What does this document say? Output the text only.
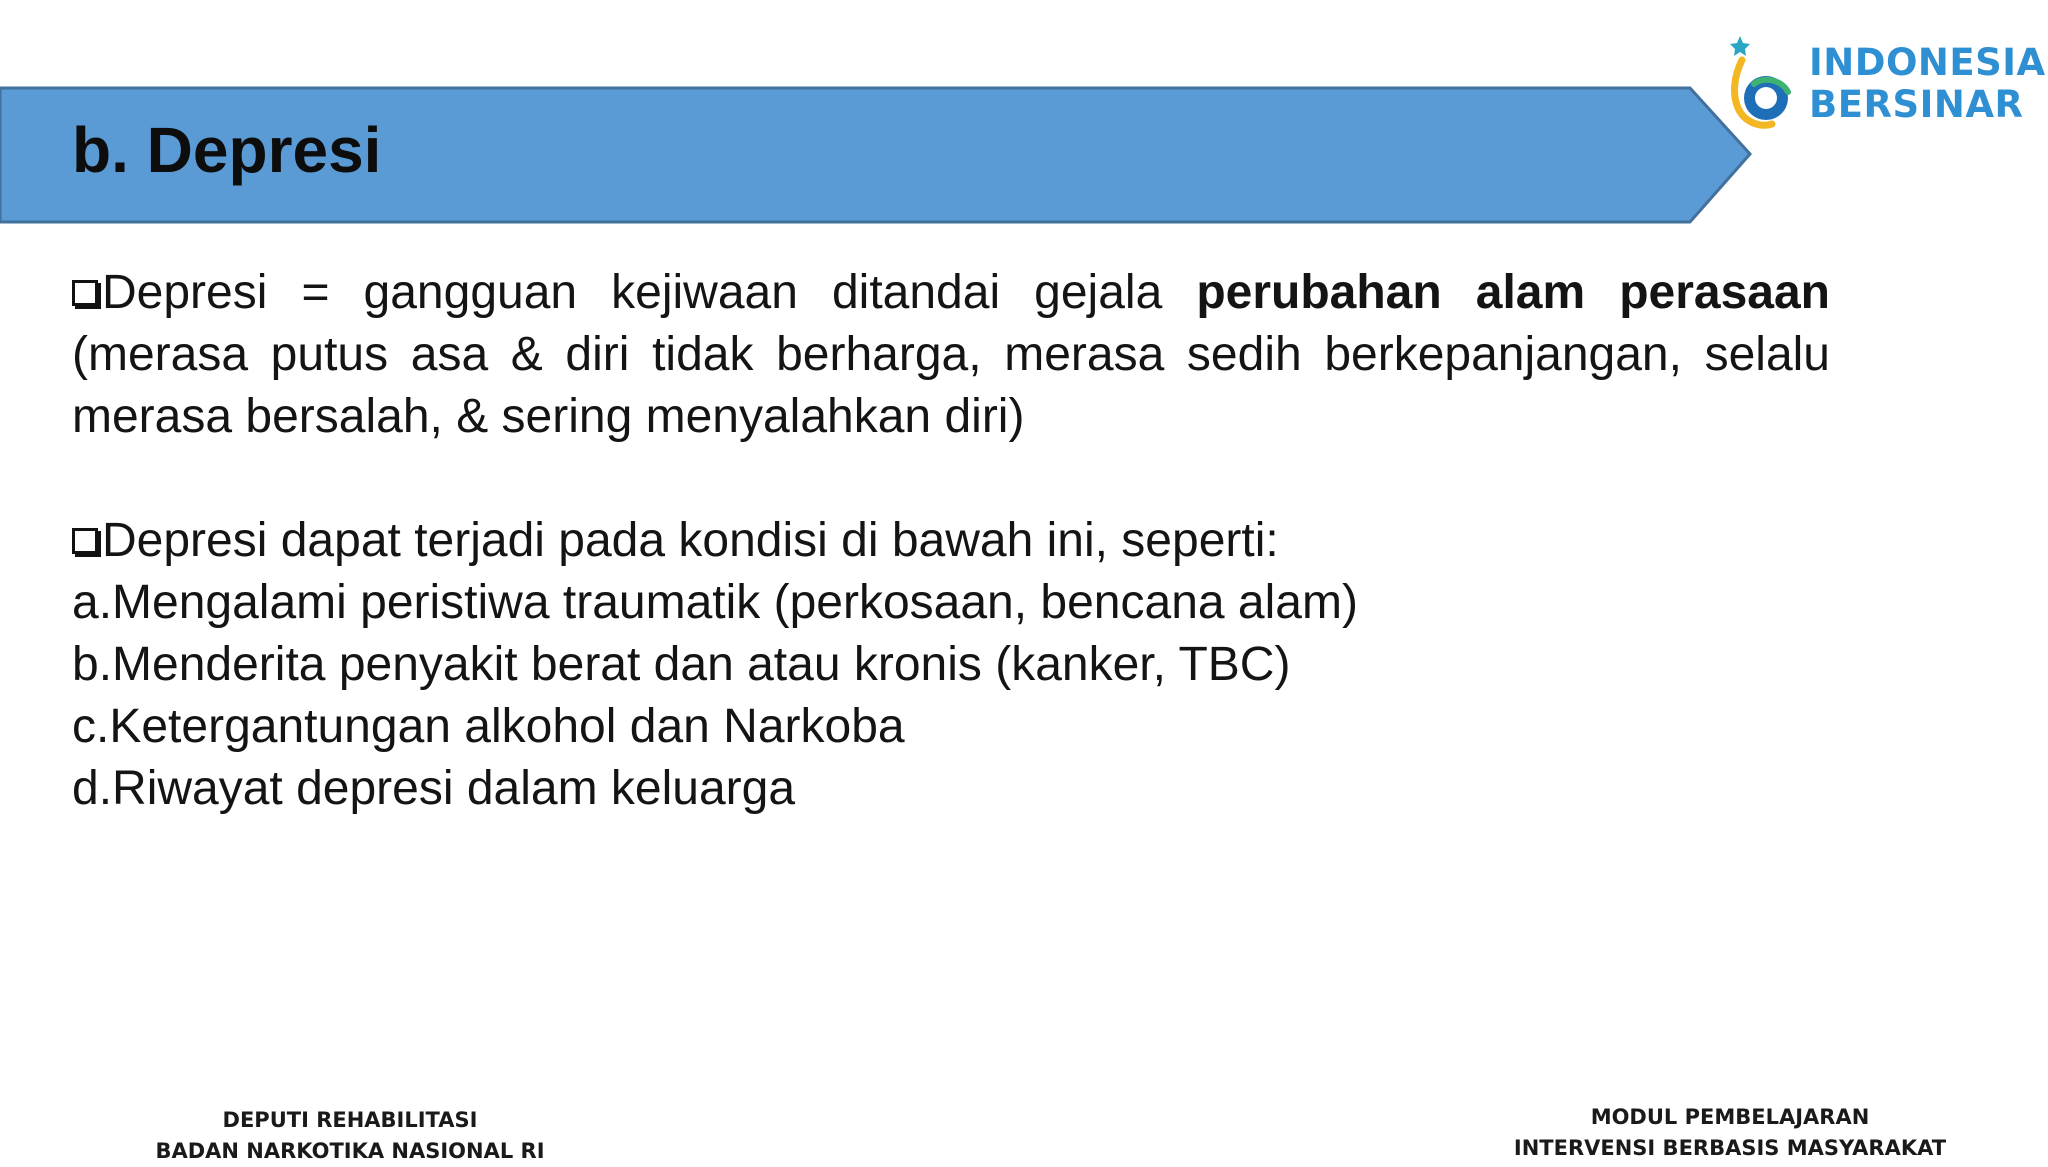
b. Depresi
INDONESIA
BERSINAR

Depresi = gangguan kejiwaan ditandai gejala perubahan alam perasaan (merasa putus asa & diri tidak berharga, merasa sedih berkepanjangan, selalu merasa bersalah, & sering menyalahkan diri)

Depresi dapat terjadi pada kondisi di bawah ini, seperti:

a.Mengalami peristiwa traumatik (perkosaan, bencana alam)

b.Menderita penyakit berat dan atau kronis (kanker, TBC)

c.Ketergantungan alkohol dan Narkoba

d.Riwayat depresi dalam keluarga

DEPUTI REHABILITASI
BADAN NARKOTIKA NASIONAL RI
MODUL PEMBELAJARAN
INTERVENSI BERBASIS MASYARAKAT
